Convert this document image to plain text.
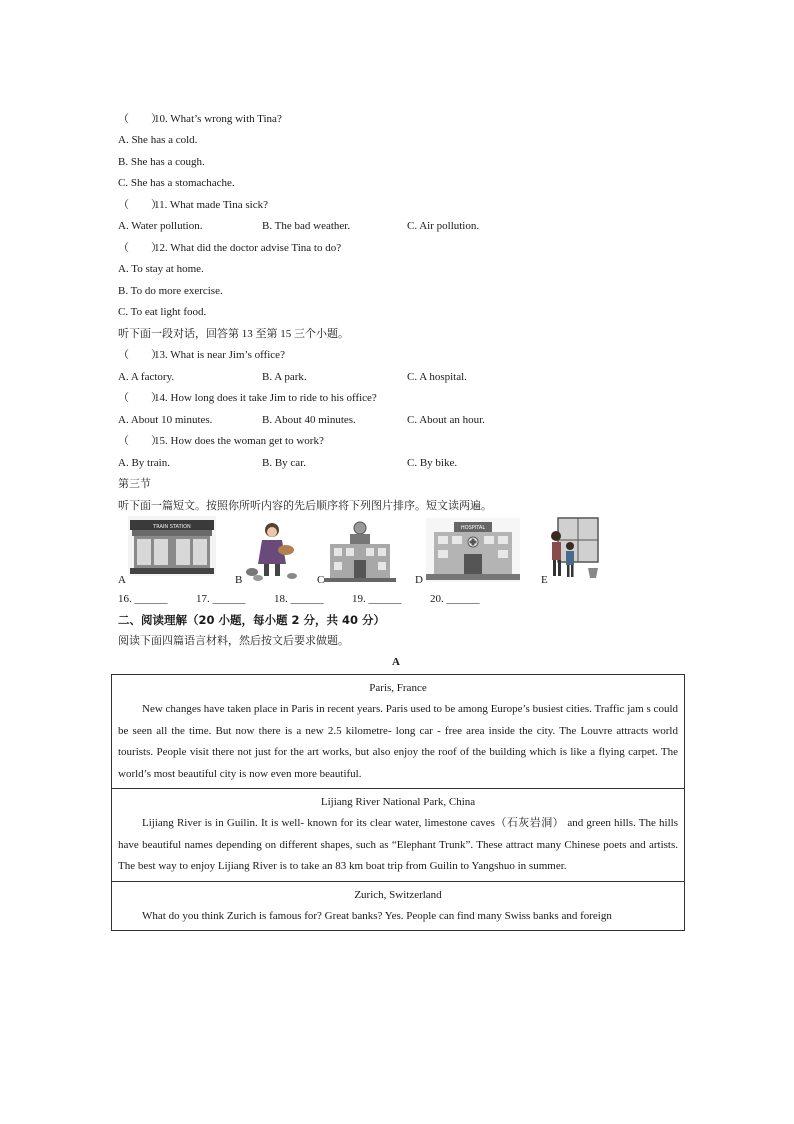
（　　）10. What’s wrong with Tina?
A. She has a cold.
B. She has a cough.
C. She has a stomachache.
（　　）11. What made Tina sick?
A. Water pollution.	B. The bad weather.	C. Air pollution.
（　　）12. What did the doctor advise Tina to do?
A. To stay at home.
B. To do more exercise.
C. To eat light food.
听下面一段对话，回答第 13 至第 15 三个小题。
（　　）13. What is near Jim’s office?
A. A factory.	B. A park.	C. A hospital.
（　　）14. How long does it take Jim to ride to his office?
A. About 10 minutes.	B. About 40 minutes.	C. About an hour.
（　　）15. How does the woman get to work?
A. By train.	B. By car.	C. By bike.
第三节
听下面一篇短文。按照你所听内容的先后顺序将下列图片排序。短文读两遍。
TRAIN STATION	HOSPITAL
A	B	C	D	E
16. ______	17. ______	18. ______	19. ______	20. ______
二、阅读理解（20 小题，每小题 2 分，共 40 分）
阅读下面四篇语言材料，然后按文后要求做题。
A
Paris, France
New changes have taken place in Paris in recent years. Paris used to be among Europe’s busiest cities. Traffic jam s could be seen all the time. But now there is a new 2.5 kilometre- long car - free area inside the city. The Louvre attracts world tourists. People visit there not just for the art works, but also enjoy the roof of the building which is like a flying carpet. The world’s most beautiful city is now even more beautiful.
Lijiang River National Park, China
Lijiang River is in Guilin. It is well- known for its clear water, limestone caves（石灰岩洞） and green hills. The hills have beautiful names depending on different shapes, such as “Elephant Trunk”. These attract many Chinese poets and artists. The best way to enjoy Lijiang River is to take an 83 km boat trip from Guilin to Yangshuo in summer.
Zurich, Switzerland
What do you think Zurich is famous for? Great banks? Yes. People can find many Swiss banks and foreign
